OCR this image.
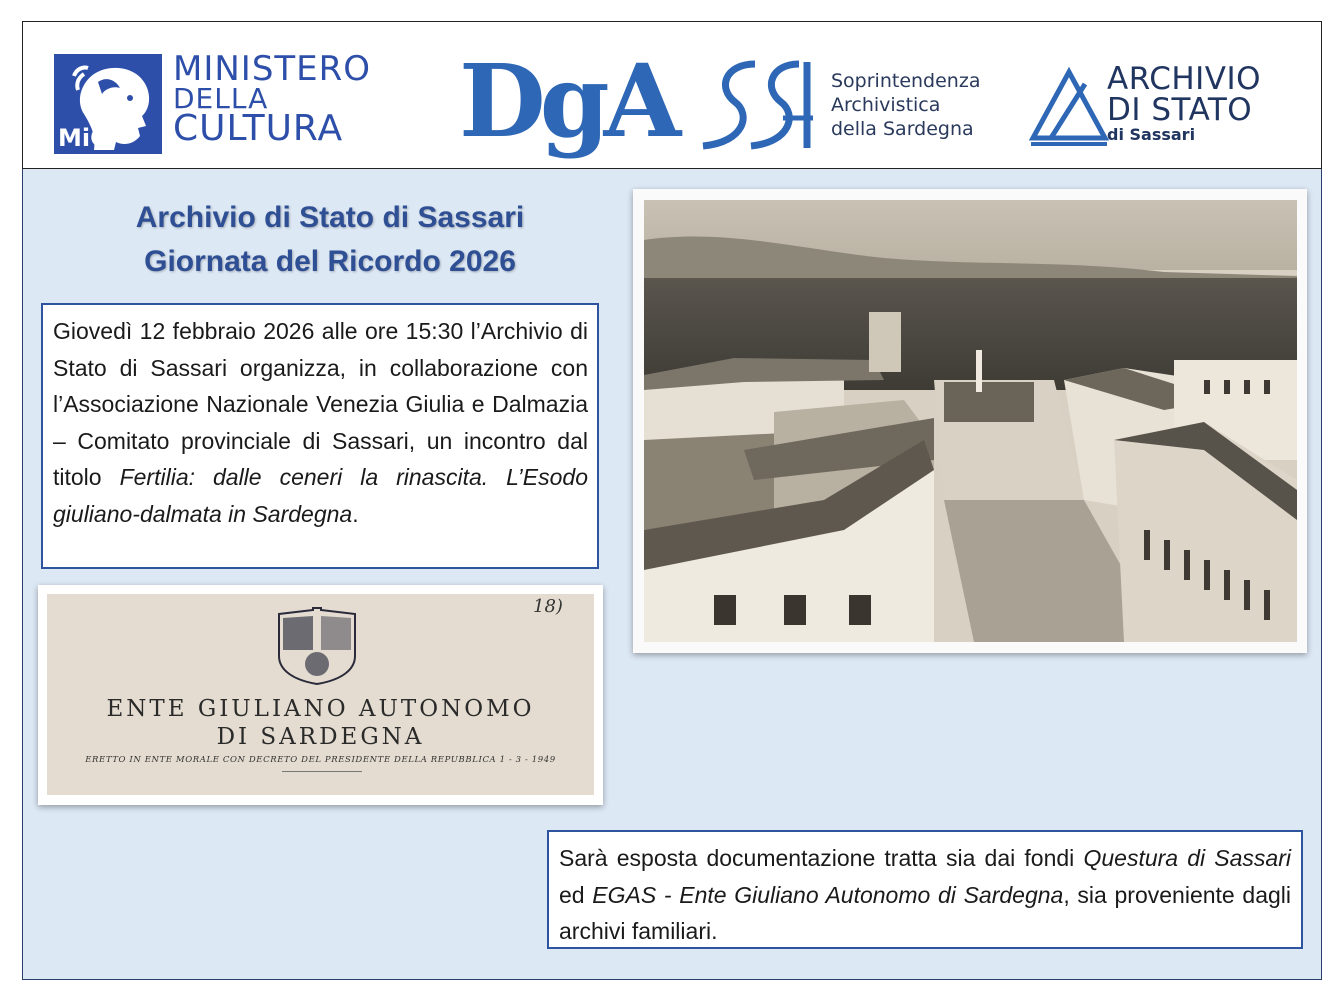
MiC
MINISTERO
DELLA
CULTURA DgA	Soprintendenza
Archivistica
della Sardegna
ARCHIVIO
DI STATO
di Sassari
Archivio di Stato di Sassari
Giornata del Ricordo 2026
Giovedì 12 febbraio 2026 alle ore 15:30 l’Archivio di Stato di Sassari organizza, in collaborazione con l’Associazione Nazionale Venezia Giulia e Dalmazia – Comitato provinciale di Sassari, un incontro dal titolo Fertilia: dalle ceneri la rinascita. L’Esodo giuliano-dalmata in Sardegna.
18)
ENTE GIULIANO AUTONOMO
DI SARDEGNA
ERETTO IN ENTE MORALE CON DECRETO DEL PRESIDENTE DELLA REPUBBLICA 1 - 3 - 1949
Sarà esposta documentazione tratta sia dai fondi Questura di Sassari ed EGAS - Ente Giuliano Autonomo di Sardegna, sia proveniente dagli archivi familiari.
